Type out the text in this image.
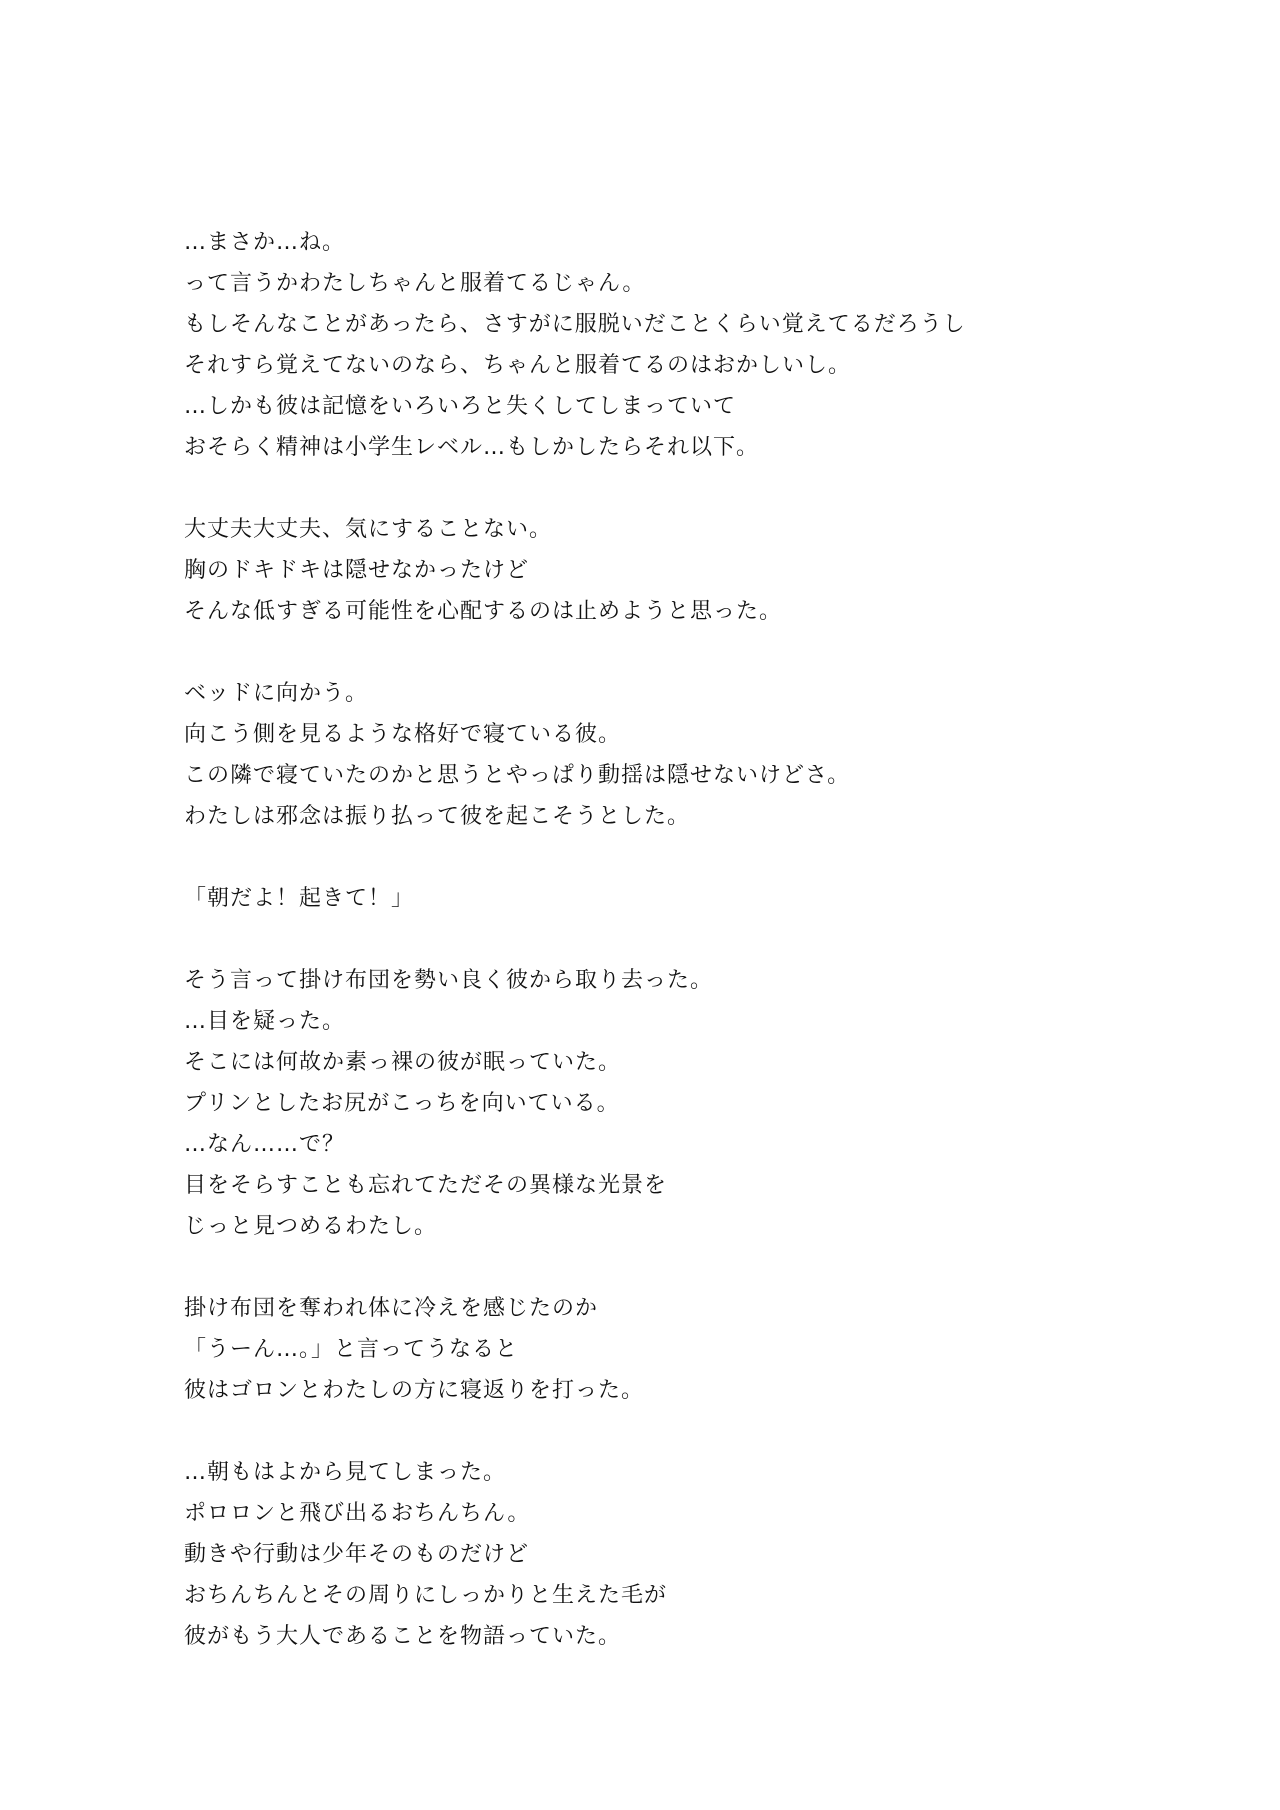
…まさか…ね。
って言うかわたしちゃんと服着てるじゃん。
もしそんなことがあったら、さすがに服脱いだことくらい覚えてるだろうし
それすら覚えてないのなら、ちゃんと服着てるのはおかしいし。
…しかも彼は記憶をいろいろと失くしてしまっていて
おそらく精神は小学生レベル…もしかしたらそれ以下。
大丈夫大丈夫、気にすることない。
胸のドキドキは隠せなかったけど
そんな低すぎる可能性を心配するのは止めようと思った。
ベッドに向かう。
向こう側を見るような格好で寝ている彼。
この隣で寝ていたのかと思うとやっぱり動揺は隠せないけどさ。
わたしは邪念は振り払って彼を起こそうとした。
「朝だよ！起きて！」
そう言って掛け布団を勢い良く彼から取り去った。
…目を疑った。
そこには何故か素っ裸の彼が眠っていた。
プリンとしたお尻がこっちを向いている。
…なん……で？
目をそらすことも忘れてただその異様な光景を
じっと見つめるわたし。
掛け布団を奪われ体に冷えを感じたのか
「うーん…。」と言ってうなると
彼はゴロンとわたしの方に寝返りを打った。
…朝もはよから見てしまった。
ポロロンと飛び出るおちんちん。
動きや行動は少年そのものだけど
おちんちんとその周りにしっかりと生えた毛が
彼がもう大人であることを物語っていた。
